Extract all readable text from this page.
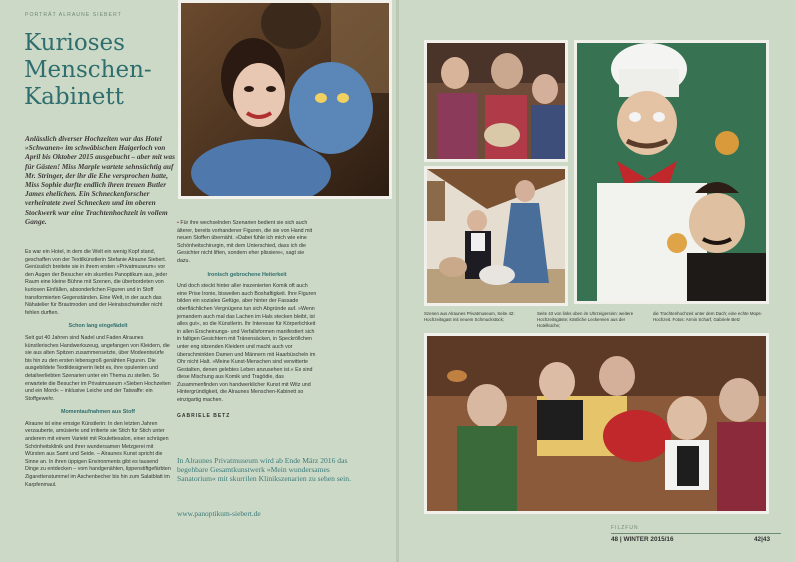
PORTRÄT ALRAUNE SIEBERT
Kurioses
Menschen-
Kabinett
Anlässlich diverser Hochzeiten war das Hotel »Schwanen« im schwäbischen Haigerloch von April bis Oktober 2015 ausgebucht – aber mit was für Gästen! Miss Marple wartete sehnsüchtig auf Mr. Stringer, der ihr die Ehe versprochen hatte, Miss Sophie durfte endlich ihren treuen Butler James ehelichen. Ein Schneckenforscher verheiratete zwei Schnecken und im oberen Stockwerk war eine Trachtenhochzeit in vollem Gange.

Es war ein Hotel, in dem die Welt ein wenig Kopf stand, geschaffen von der Textilkünstlerin Stefanie Alraune Siebert. Genüsslich breitete sie in ihrem ersten »Privatmuseum« vor den Augen der Besucher ein skurriles Panoptikum aus, jeder Raum eine kleine Bühne mit Szenen, die überbordeten von kuriosen Einfällen, absonderlichen Figuren und in Stoff transformierten Gegenständen. Eine Welt, in der auch das Nähatelier für Brautmoden und der Heiratsschwindler nicht fehlen durften.

Schon lang eingefädelt

Seit gut 40 Jahren sind Nadel und Faden Alraunes künstlerisches Handwerkszeug, angefangen von Kleidern, die sie aus alten Spitzen zusammensetzte, über Modeentwürfe bis hin zu den ersten lebensgroß genähten Figuren. Die ausgebildete Textildesignerin liebt es, ihre opulenten und detailverliebten Szenarien unter ein Thema zu stellen. So erwartete die Besucher im Privatmuseum »Sieben Hochzeiten und ein Mord« – inklusive Leiche und der Tatwaffe: ein Stoffgewehr.

Momentaufnahmen aus Stoff

Alraune ist eine emsige Künstlerin: In den letzten Jahren verzauberte, amüsierte und irritierte sie Stich für Stich unter anderem mit einem Varieté mit Roulettesalon, einer schrägen Schönheitsklinik und ihrer wundersamen Metzgerei mit Würsten aus Samt und Seide. – Alraunes Kunst spricht die Sinne an. In ihren üppigen Environments gibt es tausend Dinge zu entdecken – vom handgenähten, lippenstiftgefärbten Zigarettenstummel im Aschenbecher bis hin zum Salatblatt im Karpfenmaul.

▪ Für ihre wechselnden Szenarien bedient sie sich auch älterer, bereits vorhandener Figuren, die sie von Hand mit neuen Stoffen übernäht. »Dabei fühle ich mich wie eine Schönheitschirurgin, mit dem Unterschied, dass ich die Gesichter nicht liften, sondern eher plissiere«, sagt sie dazu.

Ironisch gebrochene Heiterkeit

Und doch steckt hinter aller inszenierten Komik oft auch eine Prise Ironie, bisweilen auch Boshaftigkeit. Ihre Figuren bilden ein soziales Gefüge, aber hinter der Fassade oberflächlichen Vergnügens tun sich Abgründe auf. »Wenn jemandem auch mal das Lachen im Hals stecken bleibt, ist alles gut«, so die Künstlerin. Ihr Interesse für Körperlichkeit in allen Erscheinungs- und Verfallsformen manifestiert sich in faltigen Gesichtern mit Tränensäcken, in Speckröllchen unter eng sitzenden Kleidern und macht auch vor überschminkten Damen und Männern mit Haarbüscheln im Ohr nicht Halt. »Meine Kunst-Menschen sind verwitterte Gestalten, denen gelebtes Leben anzusehen ist.« Es sind diese Mischung aus Komik und Tragödie, das Zusammenfinden von handwerklicher Kunst mit Witz und Hintergründigkeit, die Alraunes Menschen-Kabinett so einzigartig machen.

GABRIELE BETZ
In Alraunes Privatmuseum wird ab Ende März 2016 das begehbare Gesamtkunstwerk »Mein wundersames Sanatorium« mit skurrilen Klinikszenarien zu sehen sein.
www.panoptikum-siebert.de
Szenen aus Alraunes Privatmuseum, Seite 42: Hochzeitsgast mit neuem Schmuckstück;
Seite 43 von links oben im Uhrzeigersinn: weitere Hochzeitsgäste; köstliche Leckereien aus der Hotelküche;
die Trachtenhochzeit unter dem Dach; eine echte Mops-Hochzeit. Fotos: Armin Scharf, Gabriele Betz
FILZFUN
48 | WINTER 2015/16	42|43
